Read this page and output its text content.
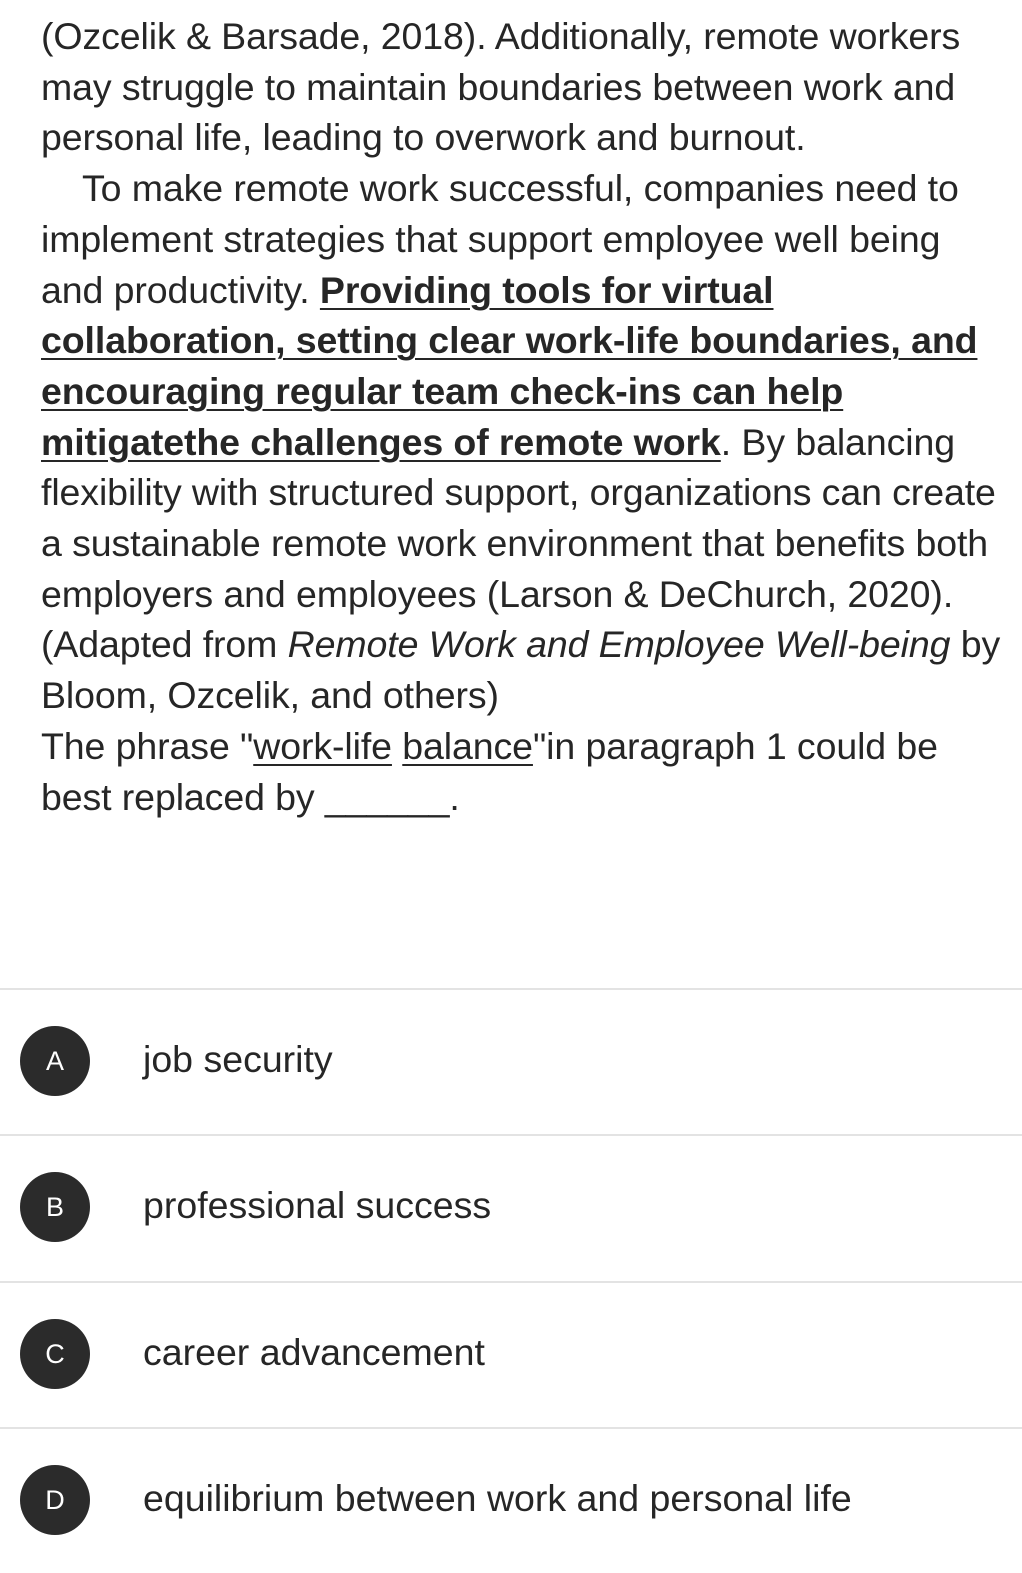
(Ozcelik & Barsade, 2018). Additionally, remote workers may struggle to maintain boundaries between work and personal life, leading to overwork and burnout.

To make remote work successful, companies need to implement strategies that support employee well being and productivity. Providing tools for virtual collaboration, setting clear work-life boundaries, and encouraging regular team check-ins can help mitigatethe challenges of remote work. By balancing flexibility with structured support, organizations can create a sustainable remote work environment that benefits both employers and employees (Larson & DeChurch, 2020).

(Adapted from Remote Work and Employee Well-being by Bloom, Ozcelik, and others)

The phrase "work-life balance"in paragraph 1 could be best replaced by ______.

A	job security
B	professional success
C	career advancement
D	equilibrium between work and personal life
